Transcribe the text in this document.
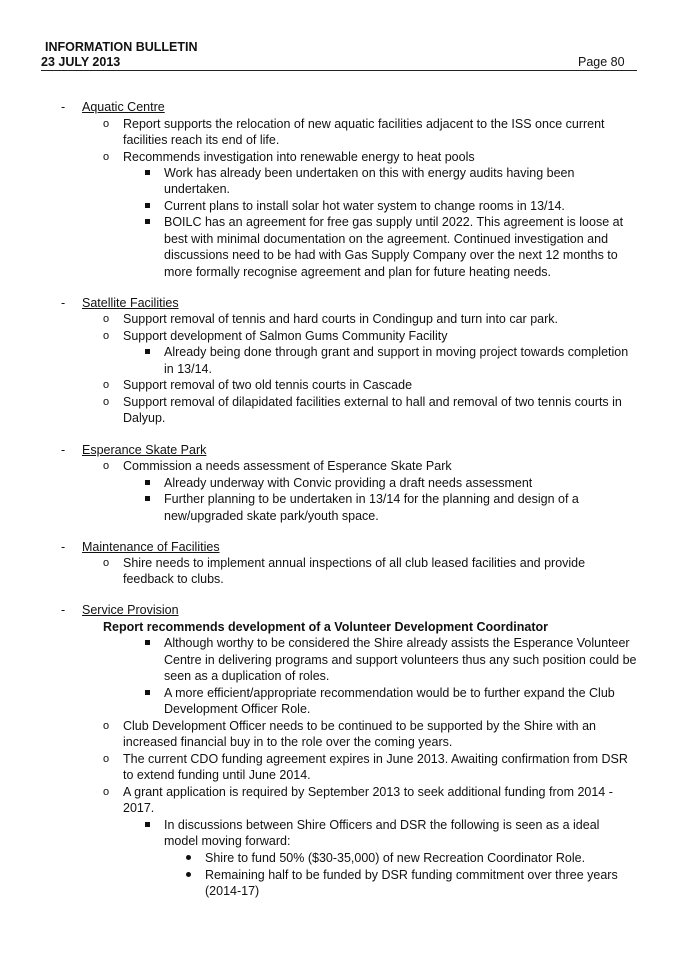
INFORMATION BULLETIN
23 JULY 2013	Page 80
- Aquatic Centre
o Report supports the relocation of new aquatic facilities adjacent to the ISS once current
facilities reach its end of life.
o Recommends investigation into renewable energy to heat pools
Work has already been undertaken on this with energy audits having been
undertaken.
Current plans to install solar hot water system to change rooms in 13/14.
BOILC has an agreement for free gas supply until 2022. This agreement is loose at
best with minimal documentation on the agreement. Continued investigation and
discussions need to be had with Gas Supply Company over the next 12 months to
more formally recognise agreement and plan for future heating needs.
- Satellite Facilities
o Support removal of tennis and hard courts in Condingup and turn into car park.
o Support development of Salmon Gums Community Facility
Already being done through grant and support in moving project towards completion
in 13/14.
o Support removal of two old tennis courts in Cascade
o Support removal of dilapidated facilities external to hall and removal of two tennis courts in
Dalyup.
- Esperance Skate Park
o Commission a needs assessment of Esperance Skate Park
Already underway with Convic providing a draft needs assessment
Further planning to be undertaken in 13/14 for the planning and design of a
new/upgraded skate park/youth space.
- Maintenance of Facilities
o Shire needs to implement annual inspections of all club leased facilities and provide
feedback to clubs.
- Service Provision
Report recommends development of a Volunteer Development Coordinator
Although worthy to be considered the Shire already assists the Esperance Volunteer
Centre in delivering programs and support volunteers thus any such position could be
seen as a duplication of roles.
A more efficient/appropriate recommendation would be to further expand the Club
Development Officer Role.
o Club Development Officer needs to be continued to be supported by the Shire with an
increased financial buy in to the role over the coming years.
o The current CDO funding agreement expires in June 2013. Awaiting confirmation from DSR
to extend funding until June 2014.
o A grant application is required by September 2013 to seek additional funding from 2014 -
2017.
In discussions between Shire Officers and DSR the following is seen as a ideal
model moving forward:
Shire to fund 50% ($30-35,000) of new Recreation Coordinator Role.
Remaining half to be funded by DSR funding commitment over three years
(2014-17)
